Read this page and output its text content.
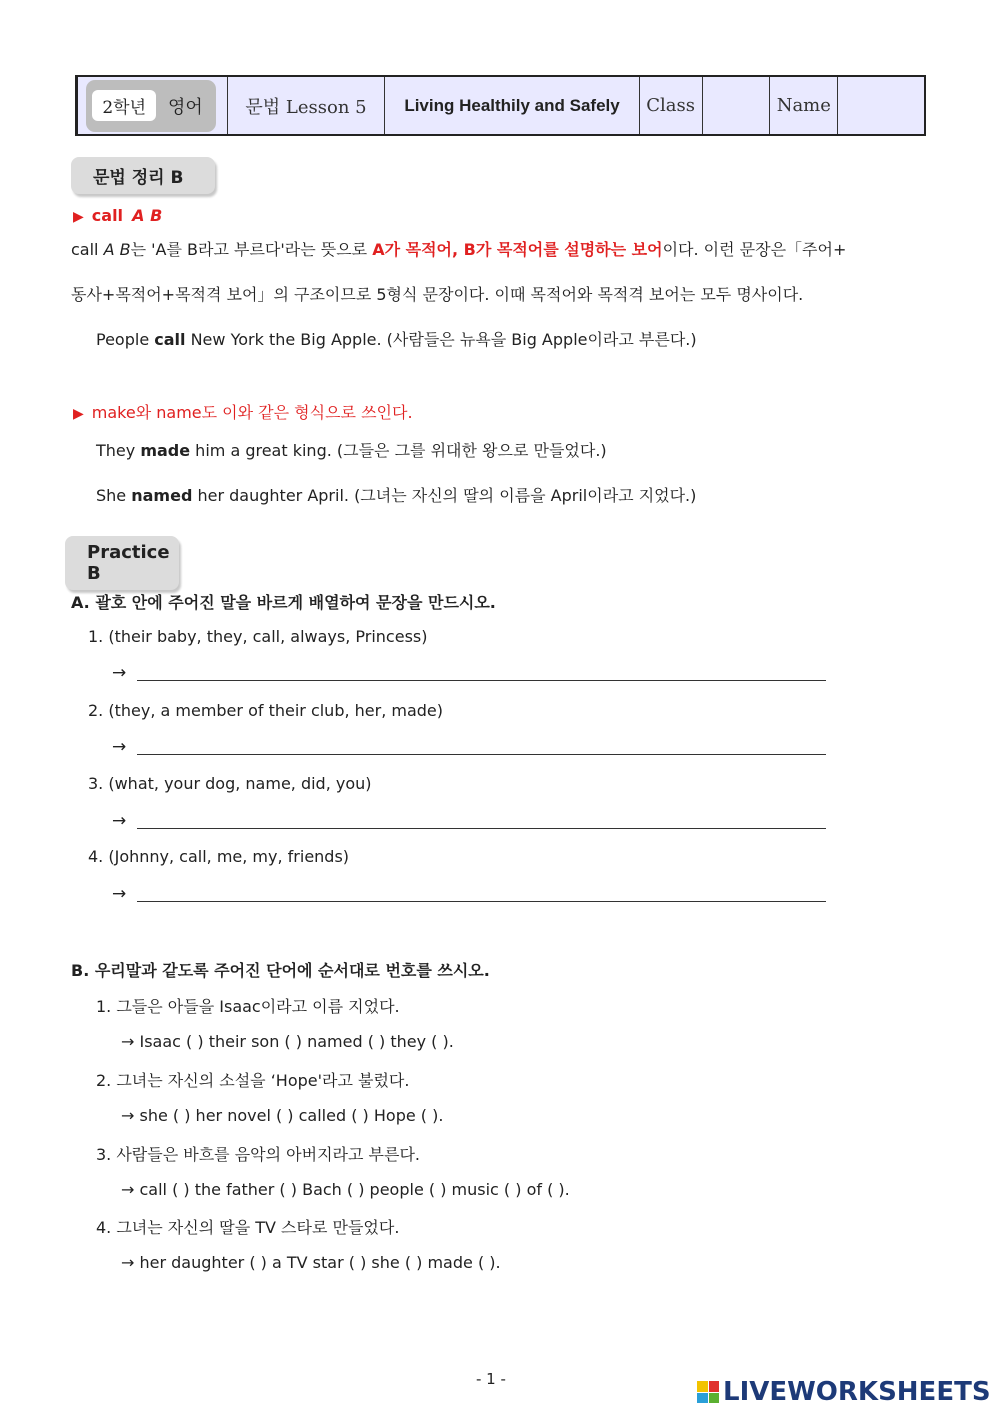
2학년	영어	문법 Lesson 5	Living Healthily and Safely	Class	Name
문법 정리 B
▶ call A B
call A B는 'A를 B라고 부르다'라는 뜻으로 A가 목적어, B가 목적어를 설명하는 보어이다. 이런 문장은「주어+
동사+목적어+목적격 보어」의 구조이므로 5형식 문장이다. 이때 목적어와 목적격 보어는 모두 명사이다.
People call New York the Big Apple. (사람들은 뉴욕을 Big Apple이라고 부른다.)
▶ make와 name도 이와 같은 형식으로 쓰인다.
They made him a great king. (그들은 그를 위대한 왕으로 만들었다.)
She named her daughter April. (그녀는 자신의 딸의 이름을 April이라고 지었다.)
Practice B
A. 괄호 안에 주어진 말을 바르게 배열하여 문장을 만드시오.
1. (their baby, they, call, always, Princess)
→
2. (they, a member of their club, her, made)
→
3. (what, your dog, name, did, you)
→
4. (Johnny, call, me, my, friends)
→
B. 우리말과 같도록 주어진 단어에 순서대로 번호를 쓰시오.
1. 그들은 아들을 Isaac이라고 이름 지었다.
→ Isaac ( ) their son ( ) named ( ) they ( ).
2. 그녀는 자신의 소설을 ‘Hope'라고 불렀다.
→ she ( ) her novel ( ) called ( ) Hope ( ).
3. 사람들은 바흐를 음악의 아버지라고 부른다.
→ call ( ) the father ( ) Bach ( ) people ( ) music ( ) of ( ).
4. 그녀는 자신의 딸을 TV 스타로 만들었다.
→ her daughter ( ) a TV star ( ) she ( ) made ( ).
- 1 -	LIVEWORKSHEETS
